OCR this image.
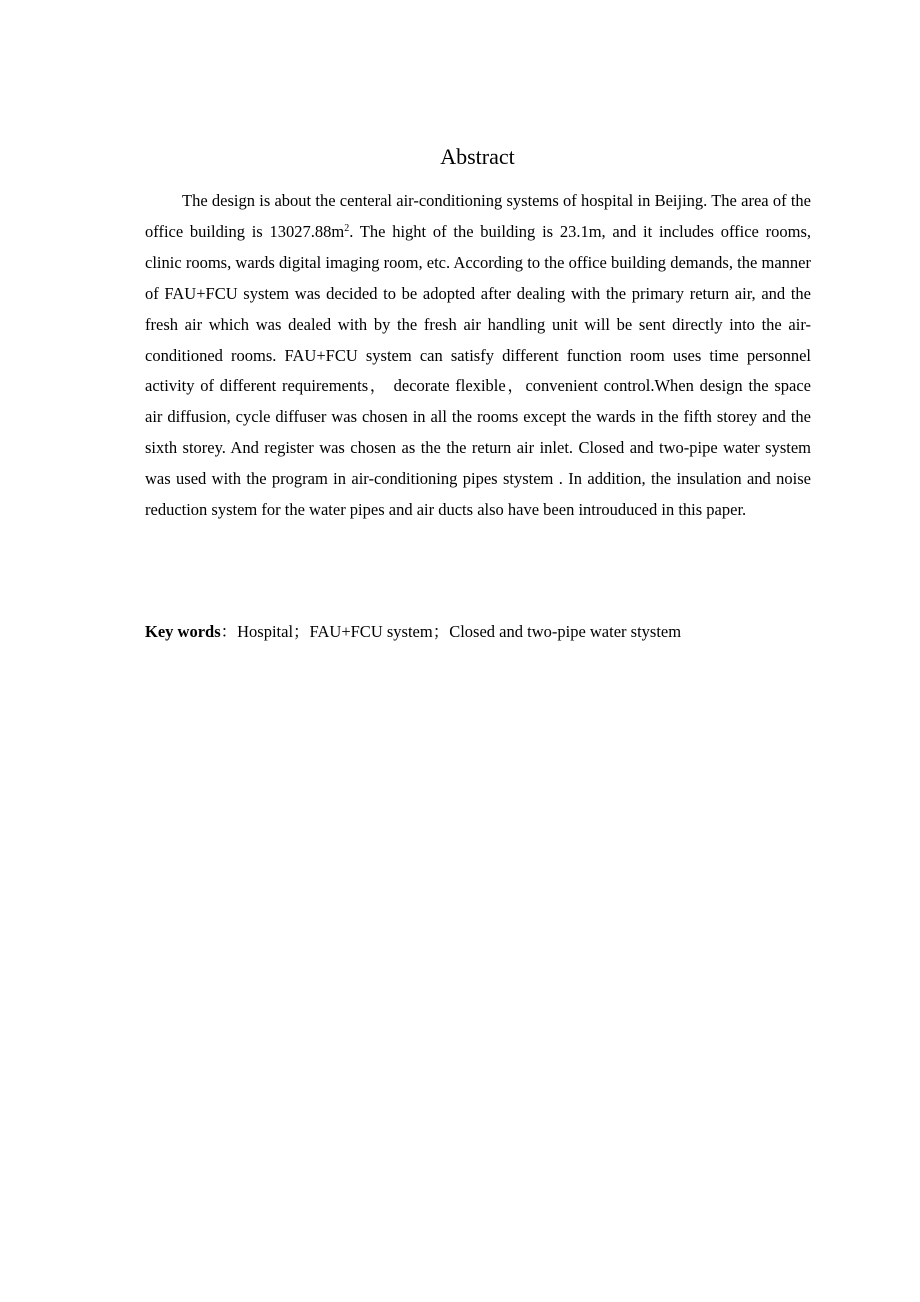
Abstract

The design is about the centeral air-conditioning systems of hospital in Beijing. The area of the office building is $13027.88m^2$. The hight of the building is 23.1m, and it includes office rooms, clinic rooms, wards digital imaging room, etc. According to the office building demands, the manner of FAU+FCU system was decided to be adopted after dealing with the primary return air, and the fresh air which was dealed with by the fresh air handling unit will be sent directly into the air-conditioned rooms. FAU+FCU system can satisfy different function room uses time personnel activity of different requirements， decorate flexible，convenient control.When design the space air diffusion, cycle diffuser was chosen in all the rooms except the wards in the fifth storey and the sixth storey. And register was chosen as the the return air inlet. Closed and two-pipe water system was used with the program in air-conditioning pipes stystem . In addition, the insulation and noise reduction system for the water pipes and air ducts also have been introuduced in this paper.

Key words：Hospital；FAU+FCU system；Closed and two-pipe water stystem
